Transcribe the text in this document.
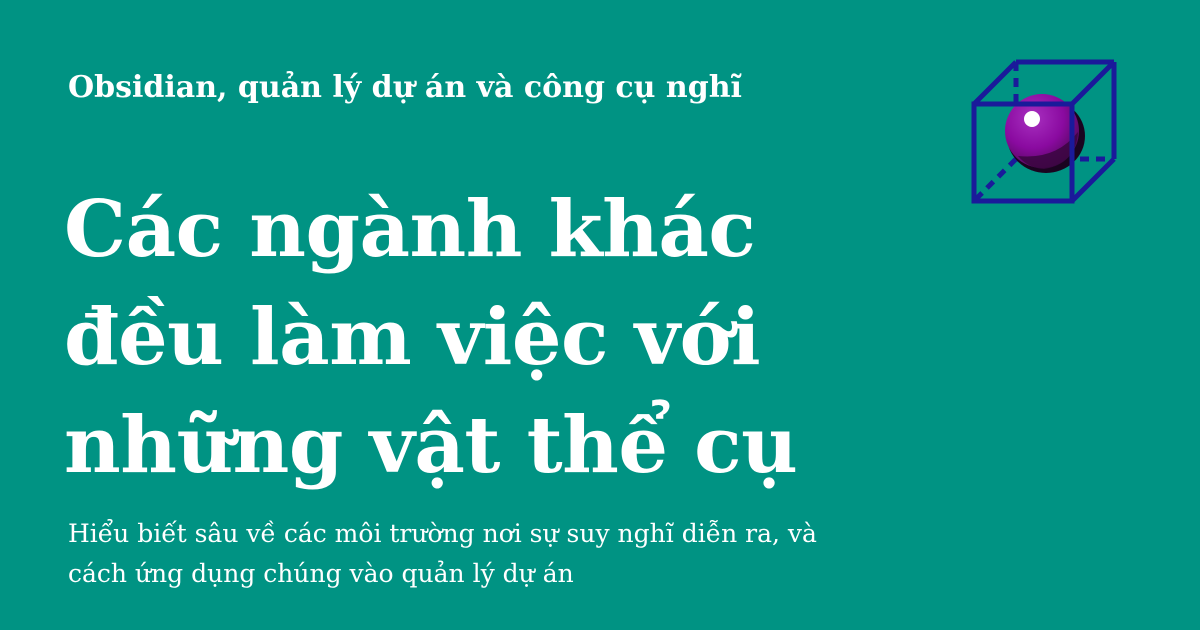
Obsidian, quản lý dự án và công cụ nghĩ
Các ngành khác
đều làm việc với
những vật thể cụ

Hiểu biết sâu về các môi trường nơi sự suy nghĩ diễn ra, và
cách ứng dụng chúng vào quản lý dự án
